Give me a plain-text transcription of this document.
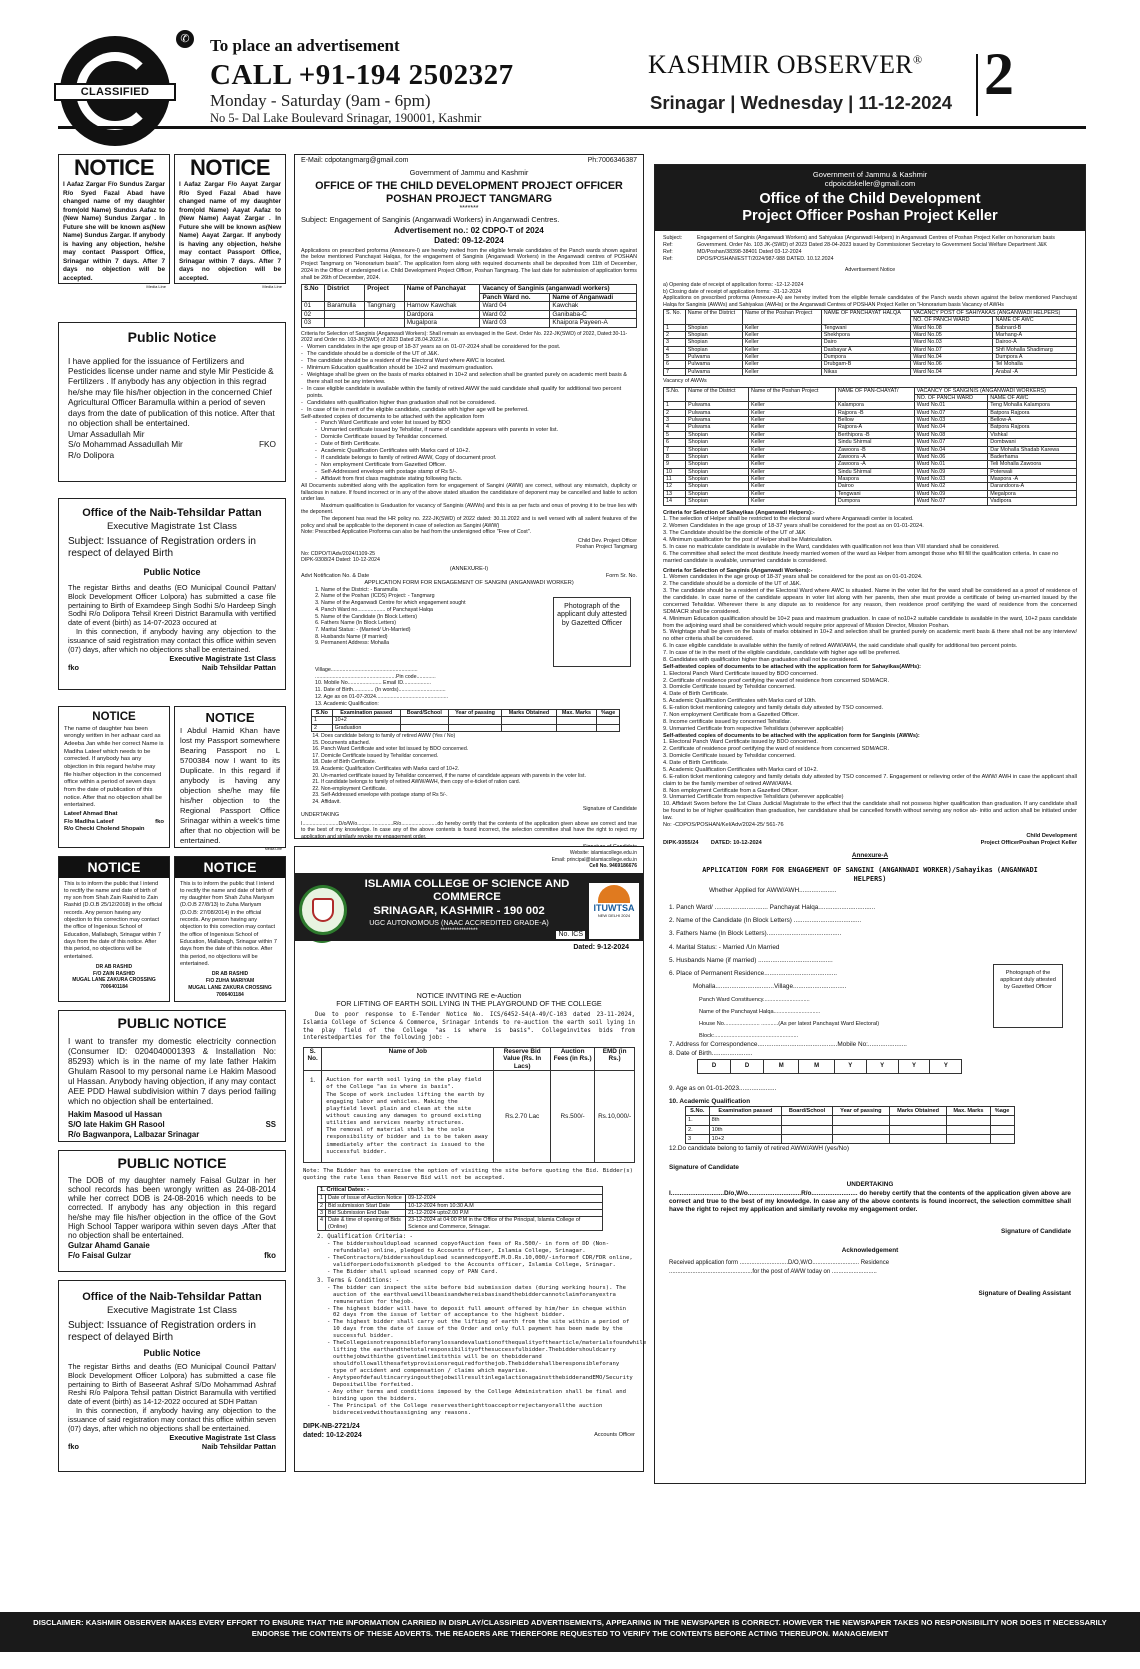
CLASSIFIED
✆ To place an advertisement
CALL +91-194 2502327
Monday - Saturday (9am - 6pm)
No 5- Dal Lake Boulevard Srinagar, 190001, Kashmir
KASHMIR OBSERVER®
Srinagar | Wednesday | 11-12-2024 2
NOTICE
I Aafaz Zargar F/o Sundus Zargar R/o Syed Fazal Abad have changed name of my daughter from(old Name) Sundus Aafaz to (New Name) Sundus Zargar . In Future she will be known as(New Name) Sundus Zargar. If anybody is having any objection, he/she may contact Passport Office, Srinagar within 7 days. After 7 days no objection will be accepted.
Media Line
NOTICE
I Aafaz Zargar F/o Aayat Zargar R/o Syed Fazal Abad have changed name of my daughter from(old Name) Aayat Aafaz to (New Name) Aayat Zargar . In Future she will be known as(New Name) Aayat Zargar. If anybody is having any objection, he/she may contact Passport Office, Srinagar within 7 days. After 7 days no objection will be accepted.
Media Line
Public Notice
I have applied for the issuance of Fertilizers and Pesticides license under name and style Mir Pesticide & Fertilizers . If anybody has any objection in this regrad he/she may file his/her objection in the concerned Chief Agricultural Officer Baramulla within a period of seven days from the date of publication of this notice. After that no objection shall be entertained.
Umar Assadullah Mir
S/o Mohammad Assadullah Mir	FKO
R/o Dolipora
Office of the Naib-Tehsildar Pattan
Executive Magistrate 1st Class
Subject: Issuance of Registration orders in respect of delayed Birth
Public Notice
The registar Births and deaths (EO Municipal Council Pattan/ Block Development Officer Lolpora) has submitted a case file pertaining to Birth of Examdeep Singh Sodhi S/o Hardeep Singh Sodhi R/o Dolipora Tehsil Kreeri District Baramulla with vertified date of event (birth) as 14-07-2023 occured at
In this connection, if anybody having any objection to the issuance of said registration may contact this office within seven (07) days, after which no objections shall be entertained.
Executive Magistrate 1st Class
fko	Naib Tehsildar Pattan
NOTICE
The name of daughter has been wrongly written in her adhaar card as Adeeba Jan while her correct Name is Madiha Lateef which needs to be corrected. If anybody has any objection in this regard he/she may file his/her objection in the concerned office within a period of seven days from the date of publication of this notice. After that no objection shall be entertained.
Lateef Ahmad Bhat
F/o Madiha Lateef	fko
R/o Checki Cholend Shopain
NOTICE
I Abdul Hamid Khan have lost my Passport somewhere Bearing Passport no L 5700384 now I want to its Duplicate. In this regard if anybody is having any objection she/he may file his/her objection to the Regional Passport Office Srinagar within a week's time after that no objection will be entertained.
Media Line
NOTICE
This is to inform the public that I intend to rectify the name and date of birth of my son from Shah Zain Rashid to Zain Rashid (D.O.B 25/12/2018) in the official records. Any person having any objection to this correction may contact the office of Ingenious School of Education, Mallabagh, Srinagar within 7 days from the date of this notice. After this period, no objections will be entertained.
DR AB RASHID
F/O ZAIN RASHID
MUGAL LANE ZAKURA CROSSING
7006401184
NOTICE
This is to inform the public that I intend to rectify the name and date of birth of my daughter from Shah Zuha Mariyam (D.O.B 27/8/13) to Zuha Mariyam (D.O.B: 27/08/2014) in the official records. Any person having any objection to this correction may contact the office of Ingenious School of Education, Mallabagh, Srinagar within 7 days from the date of this notice. After this period, no objections will be entertained.
DR AB RASHID
F/O ZUHA MARIYAM
MUGAL LANE ZAKURA CROSSING
7006401184
PUBLIC NOTICE
I want to transfer my domestic electricity connection (Consumer ID: 0204040001393 & Installation No: 85293) which is in the name of my late father Hakim Ghulam Rasool to my personal name i.e Hakim Masood ul Hassan. Anybody having objection, if any may contact AEE PDD Hawal subdivision within 7 days period failing which no objection shall be entertained.
Hakim Masood ul Hassan
S/O late Hakim GH Rasool	SS
R/o Bagwanpora, Lalbazar Srinagar
PUBLIC NOTICE
The DOB of my daughter namely Faisal Gulzar in her school records has been wrongly written as 24-08-2014 while her correct DOB is 24-08-2016 which needs to be corrected. If anybody has any objection in this regard he/she may file his/her objection in the office of the Govt High School Tapper waripora within seven days .After that no objection shall be entertained.
Gulzar Ahamd Ganaie
F/o Faisal Gulzar	fko
Office of the Naib-Tehsildar Pattan
Executive Magistrate 1st Class
Subject: Issuance of Registration orders in respect of delayed Birth
Public Notice
The registar Births and deaths (EO Municipal Council Pattan/ Block Development Officer Lolpora) has submitted a case file pertaining to Birth of Baseerat Ashraf S/Do Mohammad Ashraf Reshi R/o Palpora Tehsil pattan District Baramulla with vertified date of event (birth) as 14-12-2022 occured at SDH Pattan
In this connection, if anybody having any objection to the issuance of said registration may contact this office within seven (07) days, after which no objections shall be entertained.
Executive Magistrate 1st Class
fko	Naib Tehsildar Pattan
E-Mail: cdpotangmarg@gmail.com	Ph:7006346387
Government of Jammu and Kashmir
OFFICE OF THE CHILD DEVELOPMENT PROJECT OFFICER
POSHAN PROJECT TANGMARG
*******
Subject: Engagement of Sanginis (Anganwadi Workers) in Anganwadi Centres.
Advertisement no.: 02 CDPO-T of 2024
Dated: 09-12-2024

Applications on prescribed proforma (Annexure-I) are hereby invited from the eligible female candidates of the Panch wards shown against the below mentioned Panchayat Halqas, for the engagement of Sanginis (Anganwadi Workers) in the Anganwadi centres of POSHAN Project Tangmarg on "Honorarium basis". The application form along with required documents shall be deposited from 11th of December, 2024 in the Office of undersigned i.e. Child Development Project Officer, Poshan Tangmarg. The last date for submission of application forms shall be 26th of December, 2024.

S.No	District	Project	Name of Panchayat	Vacancy of Sanginis (anganwadi workers)	
				Panch Ward no.	Name of Anganwadi
01	Baramulla	Tangmarg	Harnow Kawchak	Ward 04	Kawchak
02			Dardpora	Ward 02	Ganibaba-C
03			Mugalpora	Ward 03	Khaipora Payeen-A

Criteria for Selection of Sanginis (Anganwadi Workers): Shall remain as envisaged in the Govt. Order No. 222-JK(SWD) of 2022, Dated:30-11-2022 and Order no. 103-JK(SWD) of 2023 Dated 28.04.2023 i.e.

- Women candidates in the age group of 18-37 years as on 01-07-2024 shall be considered for the post.
- The candidate should be a domicile of the UT of J&K.
- The candidate should be a resident of the Electoral Ward where AWC is located.
- Minimum Education qualification should be 10+2 and maximum graduation.
- Weightage shall be given on the basis of marks obtained in 10+2 and selection shall be granted purely on academic merit basis & there shall not be any interview.
- In case eligible candidate is available within the family of retired AWW the said candidate shall qualify for additional two percent points.
- Candidates with qualification higher than graduation shall not be considered.
- In case of tie in merit of the eligible candidate, candidate with higher age will be preferred.

Self-attested copies of documents to be attached with the application form

- Panch Ward Certificate and voter list issued by BDO
- Unmarried certificate issued by Tehsildar, if name of candidate appears with parents in voter list.
- Domicile Certificate issued by Tehsildar concerned.
- Date of Birth Certificate.
- Academic Qualification Certificates with Marks card of 10+2.
- If candidate belongs to family of retired AWW, Copy of document proof.
- Non employment Certificate from Gazetted Officer.
- Self-Addressed envelope with postage stamp of Rs 5/-.
- Affidavit from first class magistrate stating following facts.

All Documents submitted along with the application form for engagement of Sangini (AWW) are correct, without any mismatch, duplicity or fallacious in nature. If found incorrect or in any of the above stated situation the candidature of deponent may be cancelled and liable to action under law.

Maximum qualification is Graduation for vacancy of Sanginis (AWWs) and this is as per facts and onus of proving it to be true lies with the deponent.

The deponent has read the HR policy no. 222-JK(SWD) of 2022 dated: 30.11.2022 and is well versed with all salient features of the policy and shall be applicable to the deponent in case of selection as Sangini (AWW)

Note: Prescribed Application Proforma can also be had from the undersigned office "Free of Cost".

Child Dev. Project Officer
Poshan Project Tangmarg
No: CDPO/T/Adv/2024/1109-25
DIPK-9308/24 Dated: 10-12-2024
(ANNEXURE-I)
Advt Notification No. & Date	Form Sr. No.
APPLICATION FORM FOR ENGAGEMENT OF SANGINI (ANGANWADI WORKER)
1. Name of the District: - Baramulla
2. Name of the Poshan (ICDS) Project: - Tangmarg
3. Name of the Anganwadi Centre for which engagement sought
4. Panch Ward no................... of Panchayat Halqa
5. Name of the Candidate (In Block Letters)
6. Fathers Name (In Block Letters)
7. Marital Status: - (Married/ Un-Married)
8. Husbands Name (if married)
9. Permanent Address: Mohalla
Photograph of the applicant duly attested by Gazetted Officer
Village...........................................................
.......................................................Pin code.............
10. Mobile No....................... Email ID...................
11. Date of Birth.............. (In words)................................
12. Age as on 01-07-2024.................................................
13. Academic Qualification:
S.No	Examination passed	Board/School	Year of passing	Marks Obtained	Max. Marks	%age
1	10+2					
2	Graduation					
14. Does candidate belong to family of retired AWW (Yes / No)
15. Documents attached.
16. Panch Ward Certificate and voter list issued by BDO concerned.
17. Domicile Certificate issued by Tehsildar concerned.
18. Date of Birth Certificate.
19. Academic Qualification Certificates with Marks card of 10+2.
20. Un-married certificate issued by Tehsildar concerned, if the name of candidate appears with parents in the voter list.
21. If candidate belongs to family of retired AWW/AWH, then copy of e-ticket of ration card.
22. Non-employment Certificate.
23. Self-Addressed envelope with postage stamp of Rs 5/-.
24. Affidavit.
Signature of Candidate
UNDERTAKING

I.........................D/o/W/o.........................R/o.........................do hereby certify that the contents of the application given above are correct and true to the best of my knowledge. In case any of the above contents is found incorrect, the selection committee shall have the right to reject my application and similarly revoke my engagement order.

Website: islamiacollege.edu.in
Email: principal@islamiacollege.edu.in
Cell No. 9469186676
ISLAMIA COLLEGE OF SCIENCE AND COMMERCE
SRINAGAR, KASHMIR - 190 002
UGC AUTONOMOUS (NAAC ACCREDITED GRADE-A)
****************
ITUWTSA
NEW DELHI 2024
No. ICS
Dated: 9-12-2024
NOTICE INVITING RE e-Auction
FOR LIFTING OF EARTH SOIL LYING IN THE PLAYGROUND OF THE COLLEGE

Due to poor response to E-Tender Notice No. ICS/6452-54(A-49/C-103 dated 23-11-2024, Islamia College of Science & Commerce, Srinagar intends to re-auction the earth soil lying in the play field of the College "as is where is basis". Collegeinvites bids from interestedparties for the following job: -

S. No.	Name of Job	Reserve Bid Value (Rs. In Lacs)	Auction Fees (in Rs.)	EMD (in Rs.)
1.	Auction for earth soil lying in the play field of the College "as is where is basis".
The Scope of work includes lifting the earth by engaging labor and vehicles. Making the playfield level plain and clean at the site without causing any damages to ground existing utilities and services nearby structures.
The removal of material shall be the sole responsibility of bidder and is to be taken away immediately after the contract is issued to the successful bidder.	Rs.2.70 Lac	Rs.500/-	Rs.10,000/-

Note: The Bidder has to exercise the option of visiting the site before quoting the Bid. Bidder(s) quoting the rate less than Reserve Bid will not be accepted.

1. Critical Dates: -		
1	Date of Issue of Auction Notice	09-12-2024
2	Bid submission Start Date	10-12-2024 from 10:30 A.M
3	Bid Submission End Date	21-12-2024 upto2.00 P.M
4	Date & time of opening of Bids (Online)	23-12-2024 at 04:00 P.M in the Office of the Principal, Islamia College of Science and Commerce, Srinagar.
2. Qualification Criteria: -
- The biddersshouldupload scanned copyofAuction fees of Rs.500/- in form of DD (Non-refundable) online, pledged to Accounts officer, Islamia College, Srinagar.
- TheContractors/biddersshouldupload scannedcopyofE.M.D.Rs.10,000/-informof CDR/FDR online, validforperiodofsixmonth pledged to the Accounts officer, Islamia College, Srinagar.
- The Bidder shall upload scanned copy of PAN Card.
3. Terms & Conditions: -
- The bidder can inspect the site before bid submission dates (during working hours). The auction of the earthvaluewillbeasisandwhereisbasisandthebiddercannotclaimforanyextra remuneration for thejob.
- The highest bidder will have to deposit full amount offered by him/her in cheque within 02 days from the issue of letter of acceptance to the highest bidder.
- The highest bidder shall carry out the lifting of earth from the site within a period of 10 days from the date of issue of the Order and only full payment has been made by the successful bidder.
- TheCollegeisnotresponsibleforanylossandevaluationofthequalityofthearticle/materialsfoundwhile lifting the earthandthetotalresponsibilityofthesuccessfulbidder.Thebiddershouldcarry outthejobwithinthe giventimelimitsthis will be on thebidderand shouldfollowallthesafetyprovisionsrequiredforthejob.Thebiddershallberesponsibleforany type of accident and compensation / claims which mayarise.
- AnytypeofdefaultincarryingoutthejobwillresultinlegalactionagainstthebidderandEMO/Security Depositwillbe forfeited.
- Any other terms and conditions imposed by the College Administration shall be final and binding upon the bidders.
- The Principal of the College reservestherighttoacceptorrejectanyorallthe auction bidsreceivedwithoutassigning any reasons.
DIPK-NB-2721/24
dated: 10-12-2024	Accounts Officer
Government of Jammu & Kashmir
cdpoicdskeller@gmail.com
Office of the Child Development
Project Officer Poshan Project Keller
Subject:	Engagement of Sanginis (Anganwadi Workers) and Sahiyakas (Anganwadi Helpers) in Anganwadi Centres of Poshan Project Keller on honorarium basis
Ref:	Government. Order No. 103 JK-(SWD) of 2023 Dated 28-04-2023 issued by Commissioner Secretary to Government Social Welfare Department J&K
Ref:	MD/Poshan/38398-38401 Dated 03-12-2024
Ref:	DPOS/POSHAN/ESTT/2024/987-988 DATED. 10.12.2024
Advertisement Notice
a) Opening date of receipt of application forms: -12-12-2024
b) Closing date of receipt of application forms: -31-12-2024

Applications on prescribed proforma (Annexure-A) are hereby invited from the eligible female candidates of the Panch wards shown against the below mentioned Panchayat Halqa for Sanginis (AWWs) and Sahiyakas (AWHs) or the Anganwadi Centres of POSHAN Project Keller on "Honorarium basis Vacancy of AWHs

S. No.	Name of the District	Name of the Poshan Project	NAME OF PANCHAYAT HALQA	VACANCY POST OF SAHIYAKAS (ANGANWADI HELPERS)	
				NO. OF PANCH WARD	NAME OF AWC
1	Shopian	Keller	Tengwani	Ward No.08	Babnard-B
2	Shopian	Keller	Shekhpora	Ward No.05	Marhang-A
3	Shopian	Keller	Dairo	Ward No.03	Dairoo-A
4	Shopian	Keller	Dasbayar A	Ward No.07	Shfi Mohalla Shadimarg
5	Pulwama	Keller	Dumpora	Ward No.04	Dumpora A
6	Pulwama	Keller	Drubgam-B	Ward No.06	Tel Mohalla
7	Pulwama	Keller	Nikas	Ward No.04	Arabal -A
Vacancy of AWWs
S.No.	Name of the District	Name of the Poshan Project	NAME OF PAN-CHAYAT/	VACANCY OF SANGINIS (ANGANWADI WORKERS)	
				NO. OF PANCH WARD	NAME OF AWC
1	Pulwama	Keller	Kalampora	Ward No.01	Teng Mohalla Kalampora
2	Pulwama	Keller	Rajpora -B	Ward No.07	Batpora Rajpora
3	Pulwama	Keller	Bellow	Ward No.03	Bellow-A
4	Pulwama	Keller	Rajpora-A	Ward No.04	Batpora Rajpora
5	Shopian	Keller	Berthipora -B	Ward No.08	Vishkal
6	Shopian	Keller	Sindu Shirmal	Ward No.07	Dombwani
7	Shopian	Keller	Zawoora -B	Ward No.04	Dar Mohalla Shadab Karewa
8	Shopian	Keller	Zawoora -A	Ward No.06	Baderhama
9	Shopian	Keller	Zawoora -A	Ward No.01	Teli Mohalla Zawoora
10	Shopian	Keller	Sindu Shirmal	Ward No.09	Poterwali
11	Shopian	Keller	Maspora	Ward No.03	Maspora -A
12	Shopian	Keller	Dairoo	Ward No.02	Darandoora-A
13	Shopian	Keller	Tengwani	Ward No.09	Megalpora
14	Shopian	Keller	Dumpora	Ward No.07	Vadipora
Criteria for Selection of Sahayikas (Anganwadi Helpers):-
1. The selection of Helper shall be restricted to the electoral ward where Anganwadi center is located.
2. Women Candidates in the age group of 18-37 years shall be considered for the post as on 01-01-2024.
3. The Candidate should be the domicile of the UT of J&K
4. Minimum qualification for the post of Helper shall be Matriculation.
5. In case no matriculate candidate is available in the Ward, candidates with qualification not less than VIII standard shall be considered.
6. The committee shall select the most destitute /needy married women of the ward as Helper from amongst those who fill fill the qualification criteria. In case no married candidate is available, unmarried candidate is considered.
Criteria for Selection of Sanginis (Anganwadi Workers):-
1. Women candidates in the age group of 18-37 years shall be considered for the post as on 01-01-2024.
2. The candidate should be a domicile of the UT of J&K.
3. The candidate should be a resident of the Electoral Ward where AWC is situated. Name in the voter list for the ward shall be considered as a proof of residence of the candidate. In case name of the candidate appears in voter list along with her parents, then she must provide a certificate of being un-married issued by the concerned Tehsildar. Wherever there is any dispute as to residence for any reason, then residence proof certifying the ward of residence from the concerned SDM/ACR shall be considered.
4. Minimum Education qualification should be 10+2 pass and maximum graduation. In case of no10+2 suitable candidate is available in the ward, 10+2 pass candidate from the adjoining ward shall be considered which would require prior approval of Mission Director, Mission Poshan.
5. Weightage shall be given on the basis of marks obtained in 10+2 and selection shall be granted purely on academic merit basis & there shall not be any interview/ no other criteria shall be considered.
6. In case eligible candidate is available within the family of retired AWW/AWH, the said candidate shall qualify for additional two percent points.
7. In case of tie in the merit of the eligible candidate, candidate with higher age will be preferred.
8. Candidates with qualification higher than graduation shall not be considered.
Self-attested copies of documents to be attached with the application form for Sahayikas(AWHs):
1. Electoral Panch Ward Certificate issued by BDO concerned.
2. Certificate of residence proof certifying the ward of residence from concerned SDM/ACR.
3. Domicile Certificate issued by Tehsildar concerned.
4. Date of Birth Certificate.
5. Academic Qualification Certificates with Marks card of 10th.
6. E-ration ticket mentioning category and family details duly attested by TSO concerned.
7. Non employment Certificate from a Gazetted Officer.
8. Income certificate issued by concerned Tehsildar.
9. Unmarried Certificate from respective Tehsildars (wherever applicable)
Self-attested copies of documents to be attached with the application form for Sanginis (AWWs):
1. Electoral Panch Ward Certificate issued by BDO concerned.
2. Certificate of residence proof certifying the ward of residence from concerned SDM/ACR.
3. Domicile Certificate issued by Tehsildar concerned.
4. Date of Birth Certificate.
5. Academic Qualification Certificates with Marks card of 10+2.
6. E-ration ticket mentioning category and family details duly attested by TSO concerned 7. Engagement or relieving order of the AWW/ AWH in case the applicant shall claim to be the family member of retired AWW/AWH.
8. Non employment Certificate from a Gazetted Officer.
9. Unmarried Certificate from respective Tehsildars (wherever applicable)
10. Affidavit Sworn before the 1st Class Judicial Magistrate to the effect that the candidate shall not possess higher qualification than graduation. If any candidate shall be found to be of higher qualification than graduation, her candidature shall be cancelled forwith without serving any notice ab- initio and action shall be initiated under law.
No: -CDPOS/POSHAN/Kel/Adv/2024-25/ 561-76
Child Development
DIPK-9355/24 DATED: 10-12-2024	Project OfficerPoshan Project Keller
Annexure-A
APPLICATION FORM FOR ENGAGEMENT OF SANGINI (ANGANWADI WORKER)/Sahayikas (ANGANWADI HELPERS)
Whether Applied for AWW/AWH.....................
1. Panch Ward/ .............................. Panchayat Halqa................................
2. Name of the Candidate (In Block Letters) ......................................
3. Fathers Name (In Block Letters)..........................................
4. Marital Status: - Married /Un Married
5. Husbands Name (if married) ..........................................
6. Place of Permanent Residence.........................................
Mohalla.................................Village..............................
Panch Ward Constituency..............................
Name of the Panchayat Halqa..............................
House No....................... ...........(As per latest Panchayat Ward Electoral)
Block:......................................................
Photograph of the applicant duly attested by Gazetted Officer
7. Address for Correspondence.............................................Mobile No:......................
8. Date of Birth.......................
D	D	M	M	Y	Y	Y	Y
9. Age as on 01-01-2023.....................
10. Academic Qualification
S.No.	Examination passed	Board/School	Year of passing	Marks Obtained	Max. Marks	%age
1.	8th					
2.	10th					
3	10+2					
12.Do candidate belong to family of retired AWW/AWH (yes/No)
Signature of Candidate
UNDERTAKING

I..............................D/o,W/o..............................R/o.......................... do hereby certify that the contents of the application given above are correct and true to the best of my knowledge. In case any of the above contents is found incorrect, the selection committee shall have the right to reject my application and similarly revoke my engagement order.

Signature of Candidate
Acknowledgement
Received application form .............................D/O,W/O............................ Residence
..................................................for the post of AWW today on ...........................
Signature of Dealing Assistant
DISCLAIMER: KASHMIR OBSERVER MAKES EVERY EFFORT TO ENSURE THAT THE INFORMATION CARRIED IN DISPLAY/CLASSIFIED ADVERTISEMENTS, APPEARING IN THE NEWSPAPER IS CORRECT. HOWEVER THE NEWSPAPER TAKES NO RESPONSIBILITY NOR DOES IT NECESSARILY ENDORSE THE CONTENTS OF THESE ADVERTS. THE READERS ARE THEREFORE REQUESTED TO VERIFY THE CONTENTS BEFORE ACTING THEREUPON. MANAGEMENT
